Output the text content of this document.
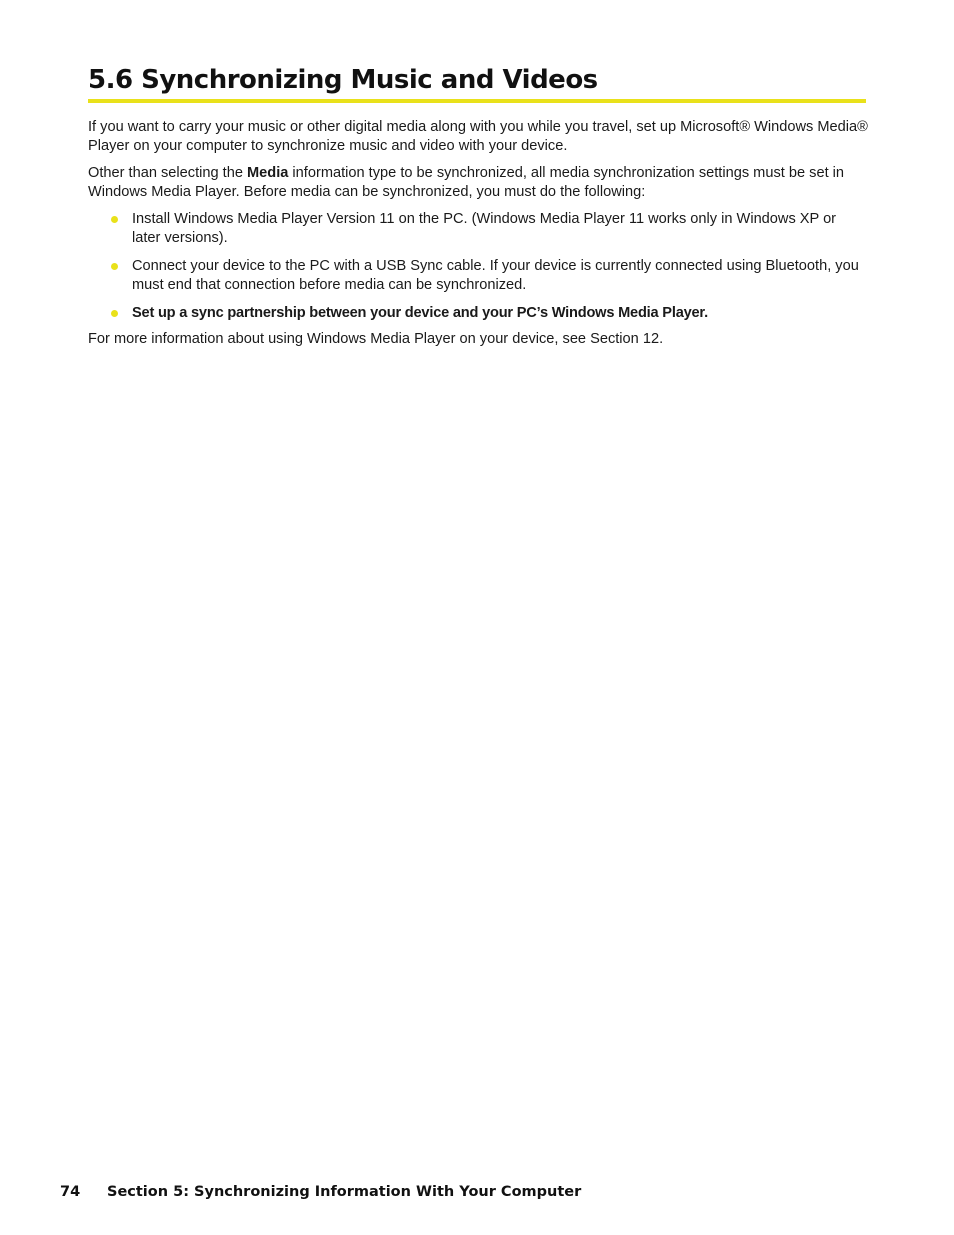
5.6 Synchronizing Music and Videos

If you want to carry your music or other digital media along with you while you travel, set up Microsoft® Windows Media® Player on your computer to synchronize music and video with your device.

Other than selecting the Media information type to be synchronized, all media synchronization settings must be set in Windows Media Player. Before media can be synchronized, you must do the following:

Install Windows Media Player Version 11 on the PC. (Windows Media Player 11 works only in Windows XP or later versions).
Connect your device to the PC with a USB Sync cable. If your device is currently connected using Bluetooth, you must end that connection before media can be synchronized.
Set up a sync partnership between your device and your PC’s Windows Media Player.

For more information about using Windows Media Player on your device, see Section 12.

74 Section 5: Synchronizing Information With Your Computer
